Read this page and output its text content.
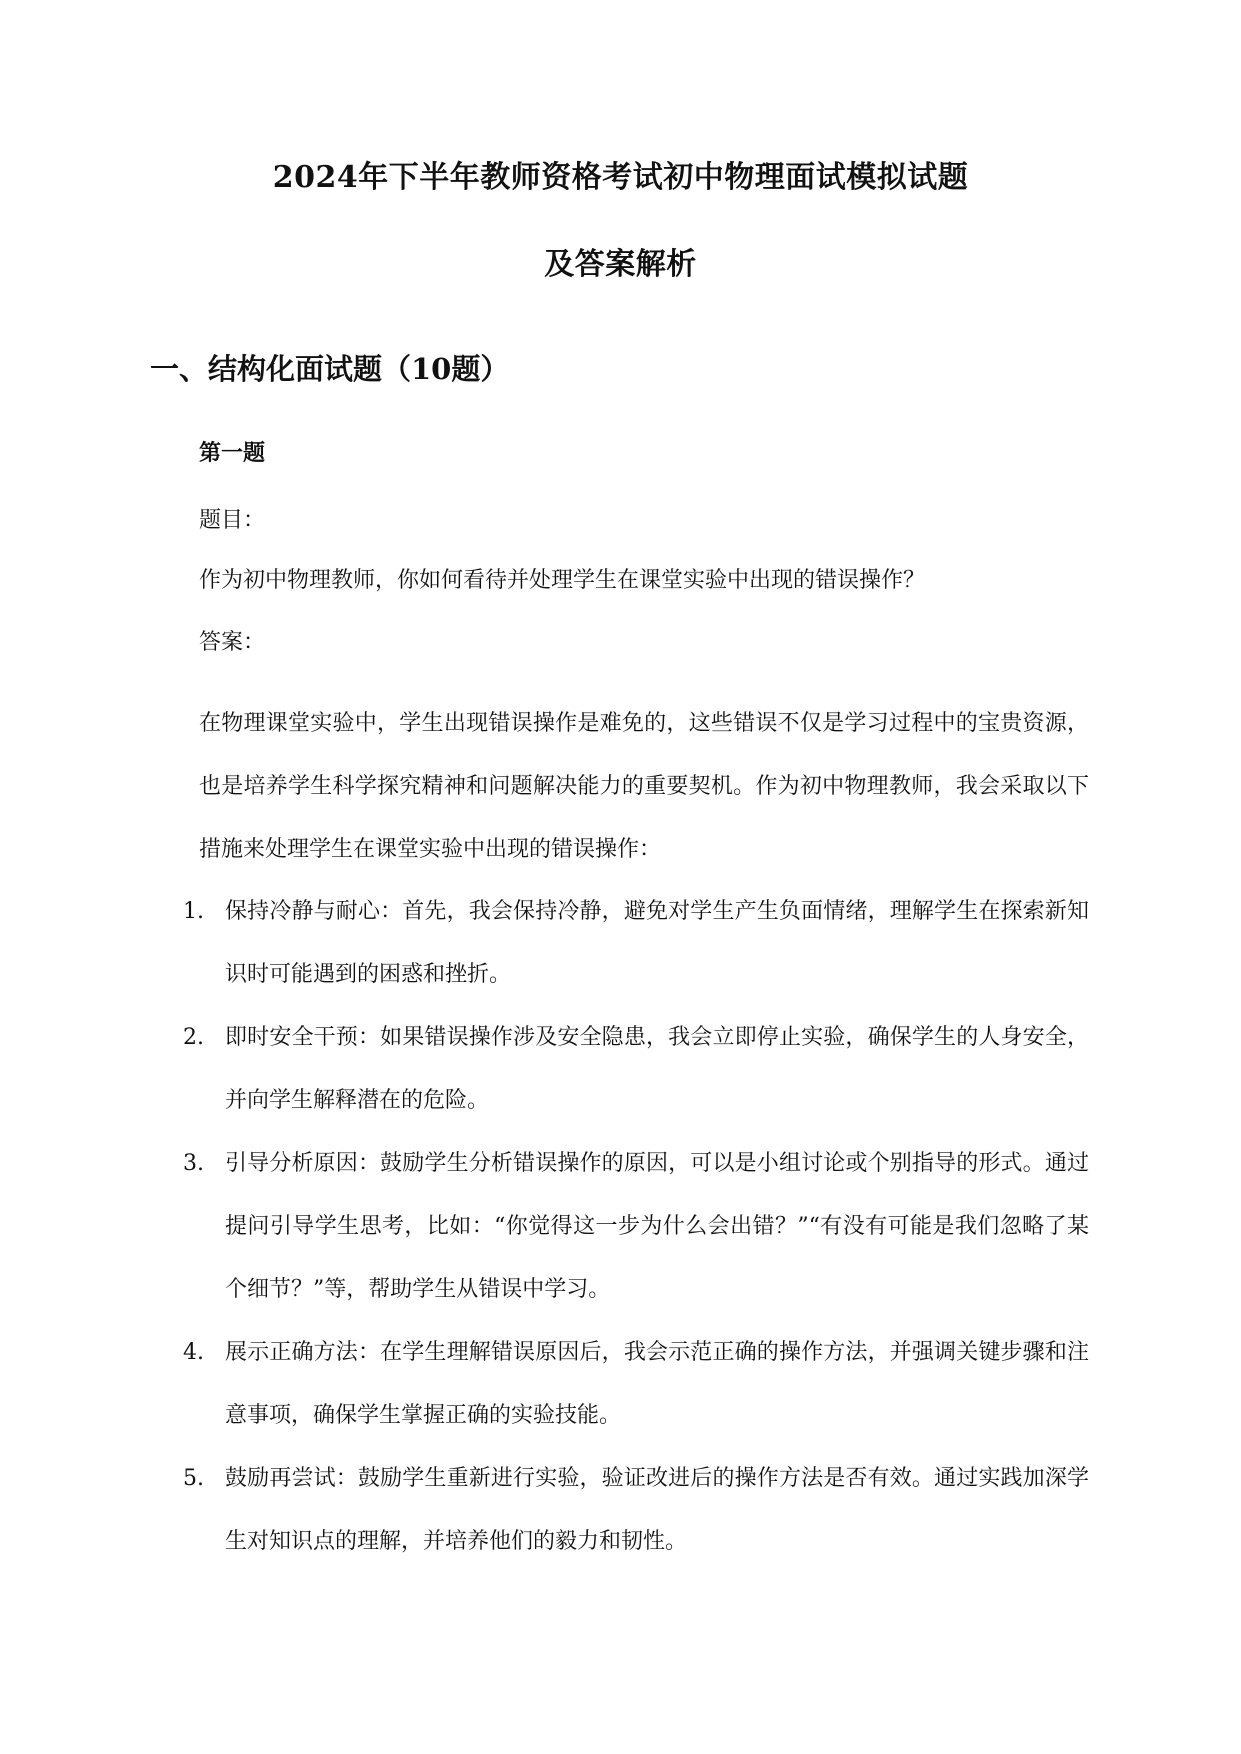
2024年下半年教师资格考试初中物理面试模拟试题
及答案解析
一、结构化面试题（10题）
第一题
题目：
作为初中物理教师，你如何看待并处理学生在课堂实验中出现的错误操作？
答案：
在物理课堂实验中，学生出现错误操作是难免的，这些错误不仅是学习过程中的宝贵资源，也是培养学生科学探究精神和问题解决能力的重要契机。作为初中物理教师，我会采取以下措施来处理学生在课堂实验中出现的错误操作：
1. 保持冷静与耐心：首先，我会保持冷静，避免对学生产生负面情绪，理解学生在探索新知识时可能遇到的困惑和挫折。
2. 即时安全干预：如果错误操作涉及安全隐患，我会立即停止实验，确保学生的人身安全，并向学生解释潜在的危险。
3. 引导分析原因：鼓励学生分析错误操作的原因，可以是小组讨论或个别指导的形式。通过提问引导学生思考，比如：“你觉得这一步为什么会出错？”“有没有可能是我们忽略了某个细节？”等，帮助学生从错误中学习。
4. 展示正确方法：在学生理解错误原因后，我会示范正确的操作方法，并强调关键步骤和注意事项，确保学生掌握正确的实验技能。
5. 鼓励再尝试：鼓励学生重新进行实验，验证改进后的操作方法是否有效。通过实践加深学生对知识点的理解，并培养他们的毅力和韧性。
